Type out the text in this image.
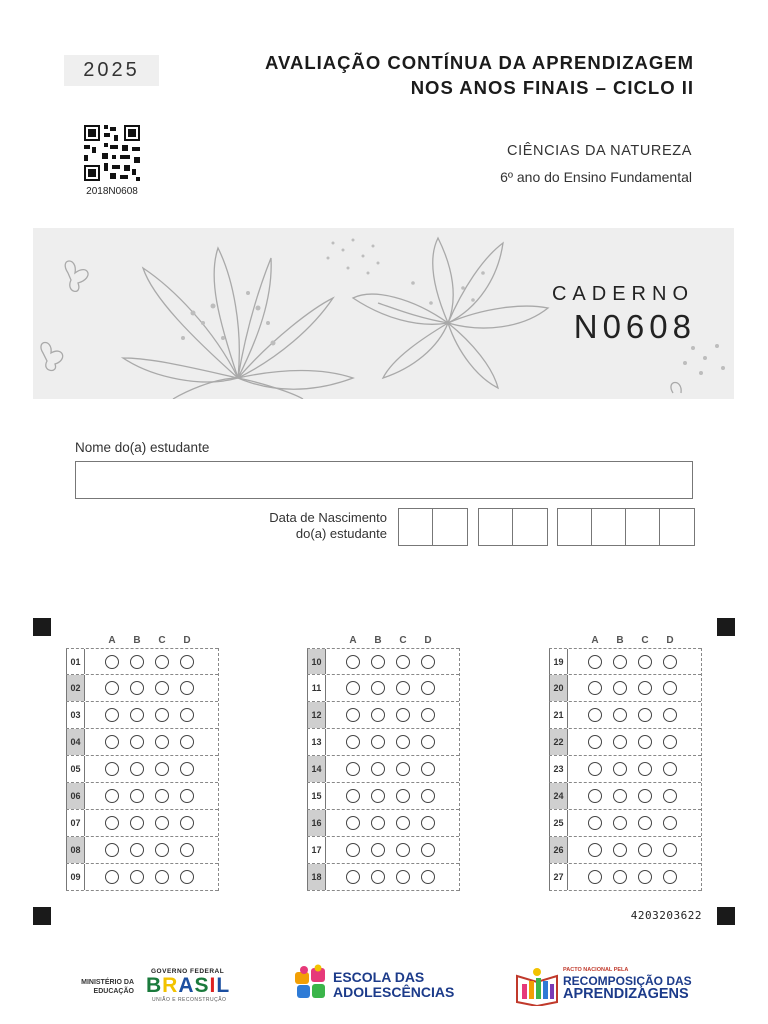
2025	AVALIAÇÃO CONTÍNUA DA APRENDIZAGEM
NOS ANOS FINAIS – CICLO II
2018N0608
CIÊNCIAS DA NATUREZA
6º ano do Ensino Fundamental
CADERNO
N0608
Nome do(a) estudante
Data de Nascimento
do(a) estudante
A	B	C	D
01
02
03
04
05
06
07
08
09
A	B	C	D
10
11
12
13
14
15
16
17
18
A	B	C	D
19
20
21
22
23
24
25
26
27
4203203622
MINISTÉRIO DA
EDUCAÇÃO
GOVERNO FEDERAL
BRASIL
UNIÃO E RECONSTRUÇÃO
ESCOLA DAS
ADOLESCÊNCIAS
PACTO NACIONAL PELA
RECOMPOSIÇÃO DAS
APRENDIZAGENS
